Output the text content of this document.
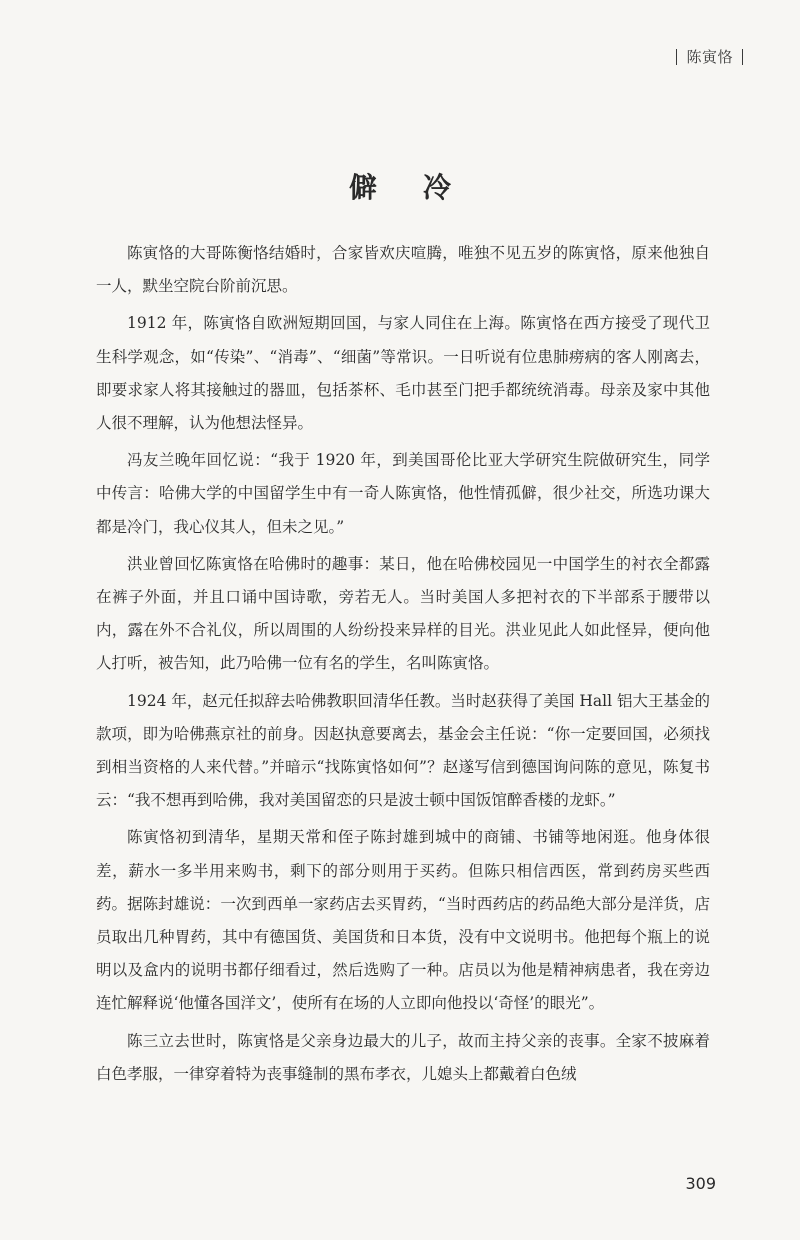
陈寅恪
僻 冷

陈寅恪的大哥陈衡恪结婚时，合家皆欢庆喧腾，唯独不见五岁的陈寅恪，原来他独自一人，默坐空院台阶前沉思。

1912 年，陈寅恪自欧洲短期回国，与家人同住在上海。陈寅恪在西方接受了现代卫生科学观念，如“传染”、“消毒”、“细菌”等常识。一日听说有位患肺痨病的客人刚离去，即要求家人将其接触过的器皿，包括茶杯、毛巾甚至门把手都统统消毒。母亲及家中其他人很不理解，认为他想法怪异。

冯友兰晚年回忆说：“我于 1920 年，到美国哥伦比亚大学研究生院做研究生，同学中传言：哈佛大学的中国留学生中有一奇人陈寅恪，他性情孤僻，很少社交，所选功课大都是冷门，我心仪其人，但未之见。”

洪业曾回忆陈寅恪在哈佛时的趣事：某日，他在哈佛校园见一中国学生的衬衣全都露在裤子外面，并且口诵中国诗歌，旁若无人。当时美国人多把衬衣的下半部系于腰带以内，露在外不合礼仪，所以周围的人纷纷投来异样的目光。洪业见此人如此怪异，便向他人打听，被告知，此乃哈佛一位有名的学生，名叫陈寅恪。

1924 年，赵元任拟辞去哈佛教职回清华任教。当时赵获得了美国 Hall 铝大王基金的款项，即为哈佛燕京社的前身。因赵执意要离去，基金会主任说：“你一定要回国，必须找到相当资格的人来代替。”并暗示“找陈寅恪如何”？赵遂写信到德国询问陈的意见，陈复书云：“我不想再到哈佛，我对美国留恋的只是波士顿中国饭馆醉香楼的龙虾。”

陈寅恪初到清华，星期天常和侄子陈封雄到城中的商铺、书铺等地闲逛。他身体很差，薪水一多半用来购书，剩下的部分则用于买药。但陈只相信西医，常到药房买些西药。据陈封雄说：一次到西单一家药店去买胃药，“当时西药店的药品绝大部分是洋货，店员取出几种胃药，其中有德国货、美国货和日本货，没有中文说明书。他把每个瓶上的说明以及盒内的说明书都仔细看过，然后选购了一种。店员以为他是精神病患者，我在旁边连忙解释说‘他懂各国洋文’，使所有在场的人立即向他投以‘奇怪’的眼光”。

陈三立去世时，陈寅恪是父亲身边最大的儿子，故而主持父亲的丧事。全家不披麻着白色孝服，一律穿着特为丧事缝制的黑布孝衣，儿媳头上都戴着白色绒

309
